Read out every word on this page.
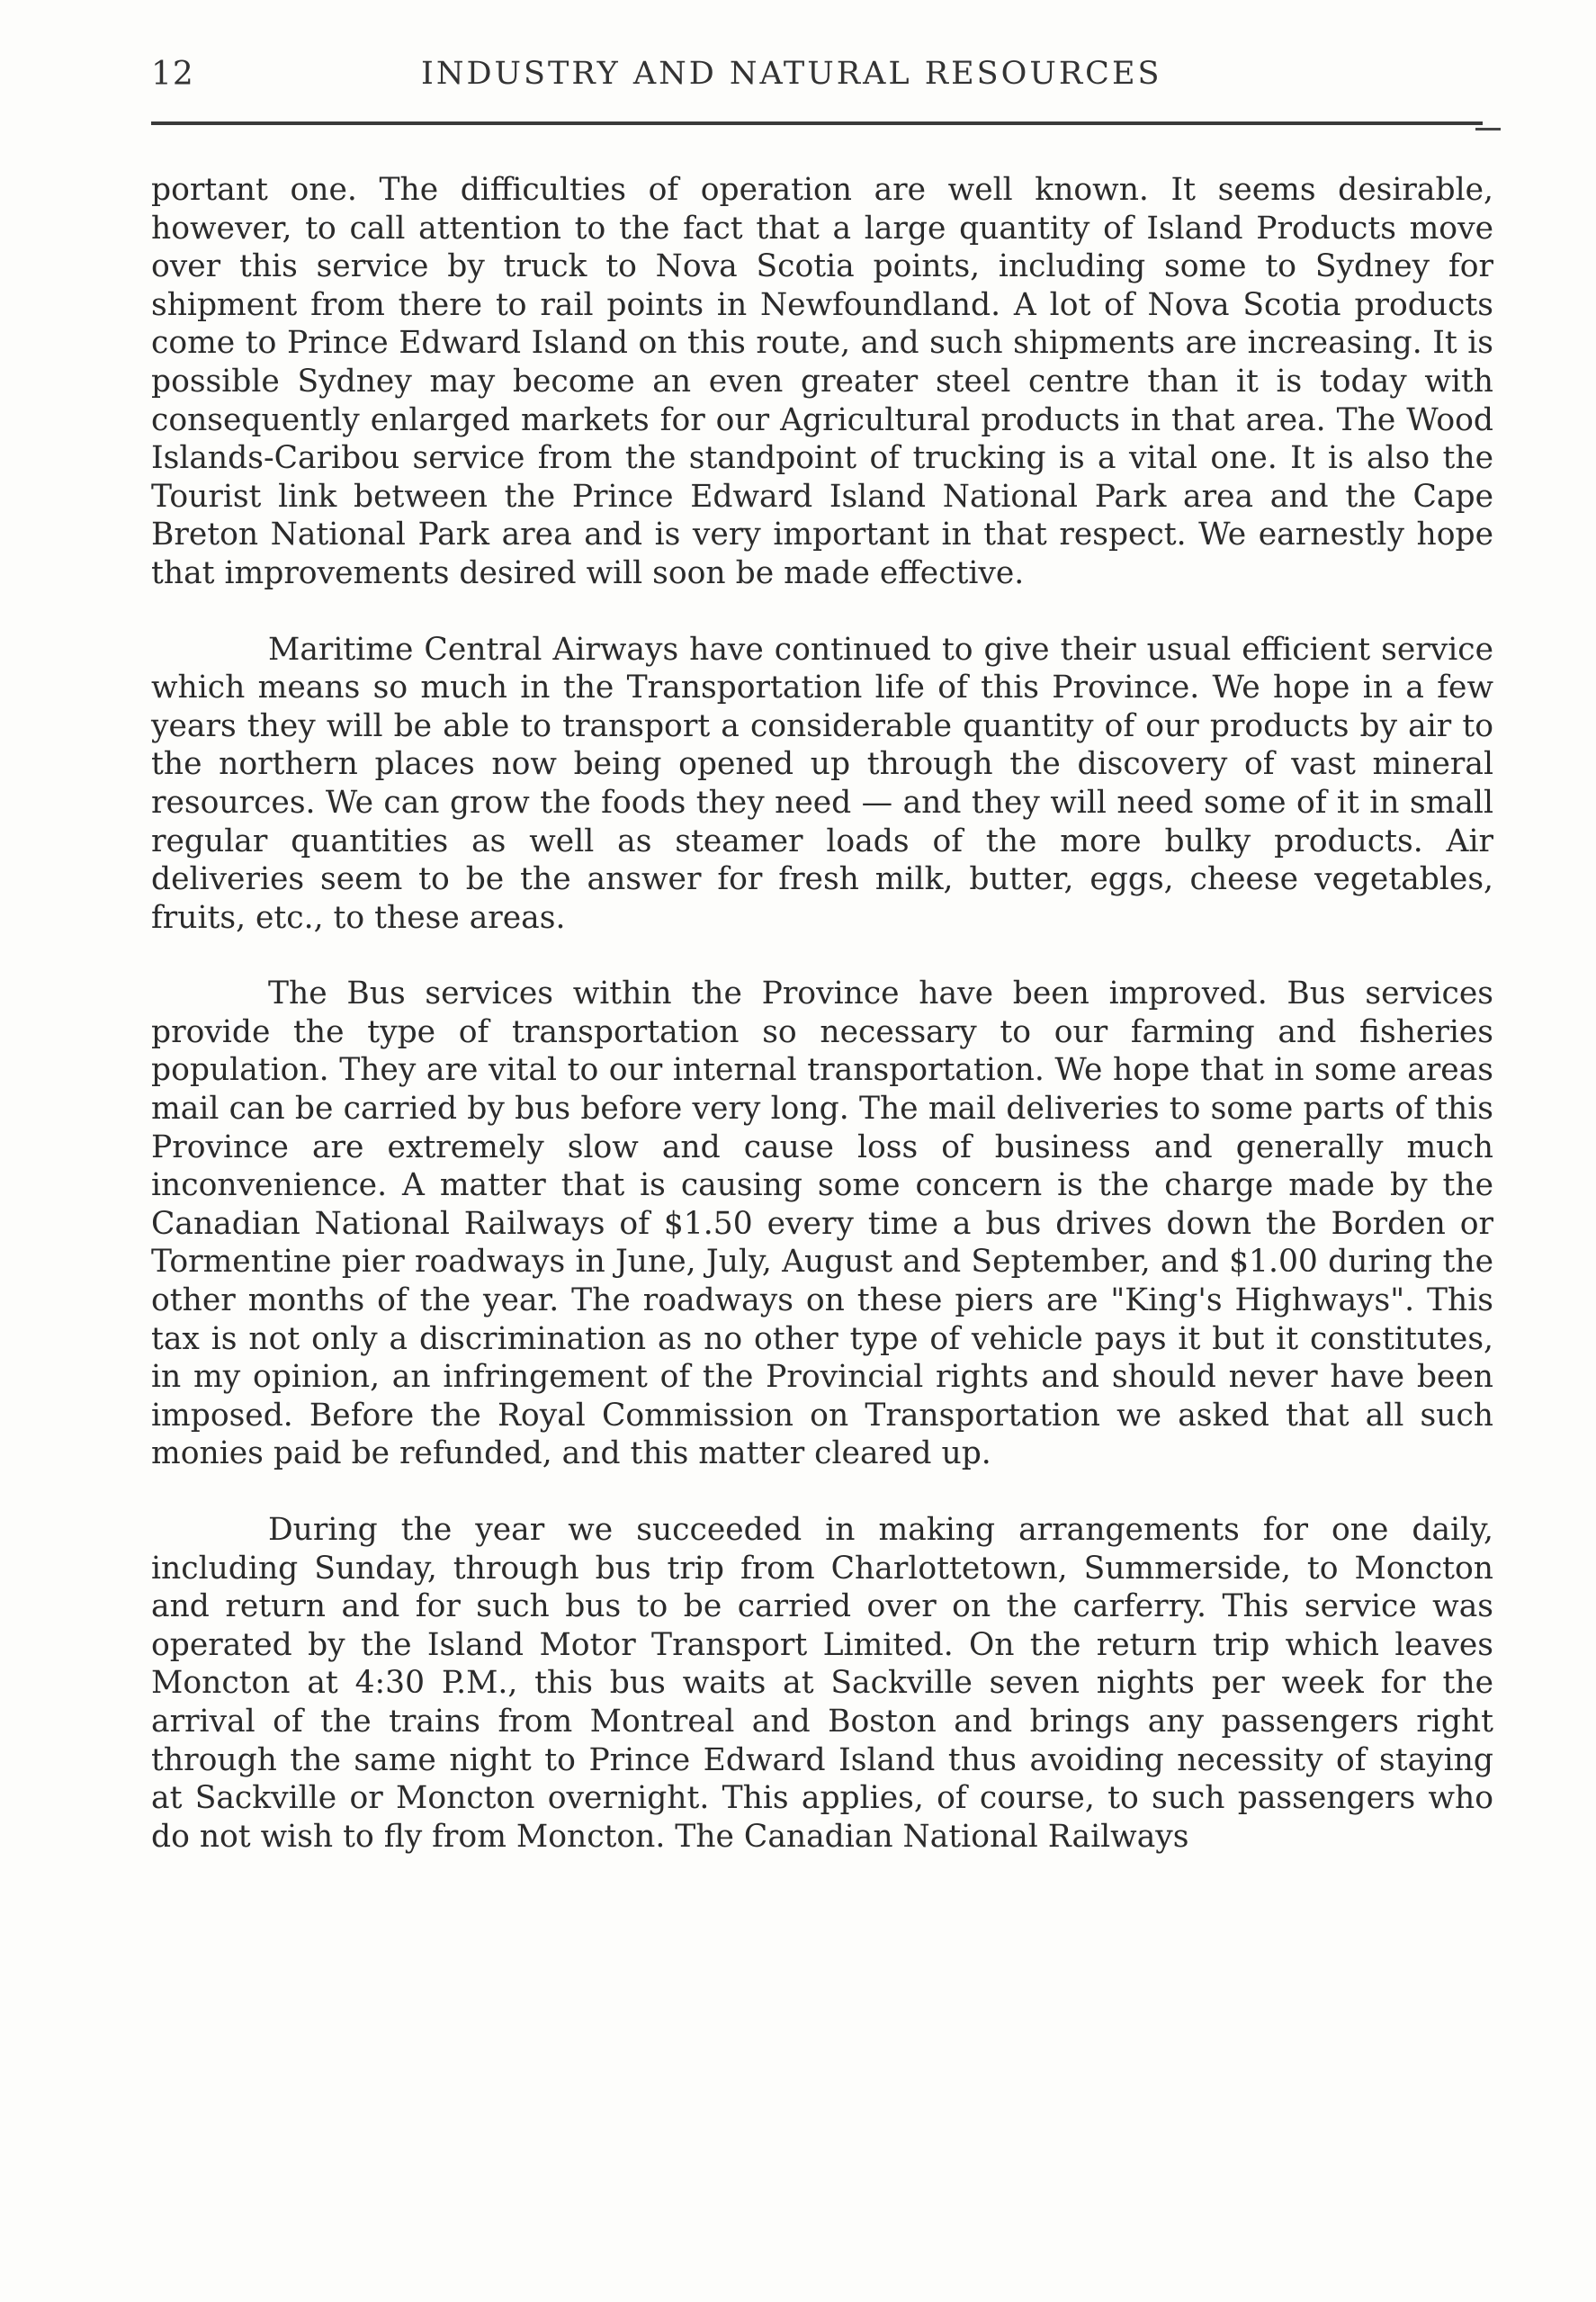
12	INDUSTRY AND NATURAL RESOURCES

portant one. The difficulties of operation are well known. It seems desirable, however, to call attention to the fact that a large quantity of Island Products move over this service by truck to Nova Scotia points, including some to Sydney for shipment from there to rail points in Newfoundland. A lot of Nova Scotia products come to Prince Edward Island on this route, and such shipments are increasing. It is possible Sydney may become an even greater steel centre than it is today with consequently enlarged markets for our Agricultural products in that area. The Wood Islands-Caribou service from the standpoint of trucking is a vital one. It is also the Tourist link between the Prince Edward Island National Park area and the Cape Breton National Park area and is very important in that respect. We earnestly hope that improvements desired will soon be made effective.

Maritime Central Airways have continued to give their usual efficient service which means so much in the Transportation life of this Province. We hope in a few years they will be able to transport a considerable quantity of our products by air to the northern places now being opened up through the discovery of vast mineral resources. We can grow the foods they need — and they will need some of it in small regular quantities as well as steamer loads of the more bulky products. Air deliveries seem to be the answer for fresh milk, butter, eggs, cheese vegetables, fruits, etc., to these areas.

The Bus services within the Province have been improved. Bus services provide the type of transportation so necessary to our farming and fisheries population. They are vital to our internal transportation. We hope that in some areas mail can be carried by bus before very long. The mail deliveries to some parts of this Province are extremely slow and cause loss of business and generally much inconvenience. A matter that is causing some concern is the charge made by the Canadian National Railways of $1.50 every time a bus drives down the Borden or Tormentine pier roadways in June, July, August and September, and $1.00 during the other months of the year. The roadways on these piers are "King's Highways". This tax is not only a discrimination as no other type of vehicle pays it but it constitutes, in my opinion, an infringement of the Provincial rights and should never have been imposed. Before the Royal Commission on Transportation we asked that all such monies paid be refunded, and this matter cleared up.

During the year we succeeded in making arrangements for one daily, including Sunday, through bus trip from Charlottetown, Summerside, to Moncton and return and for such bus to be carried over on the carferry. This service was operated by the Island Motor Transport Limited. On the return trip which leaves Moncton at 4:30 P.M., this bus waits at Sackville seven nights per week for the arrival of the trains from Montreal and Boston and brings any passengers right through the same night to Prince Edward Island thus avoiding necessity of staying at Sackville or Moncton overnight. This applies, of course, to such passengers who do not wish to fly from Moncton. The Canadian National Railways
